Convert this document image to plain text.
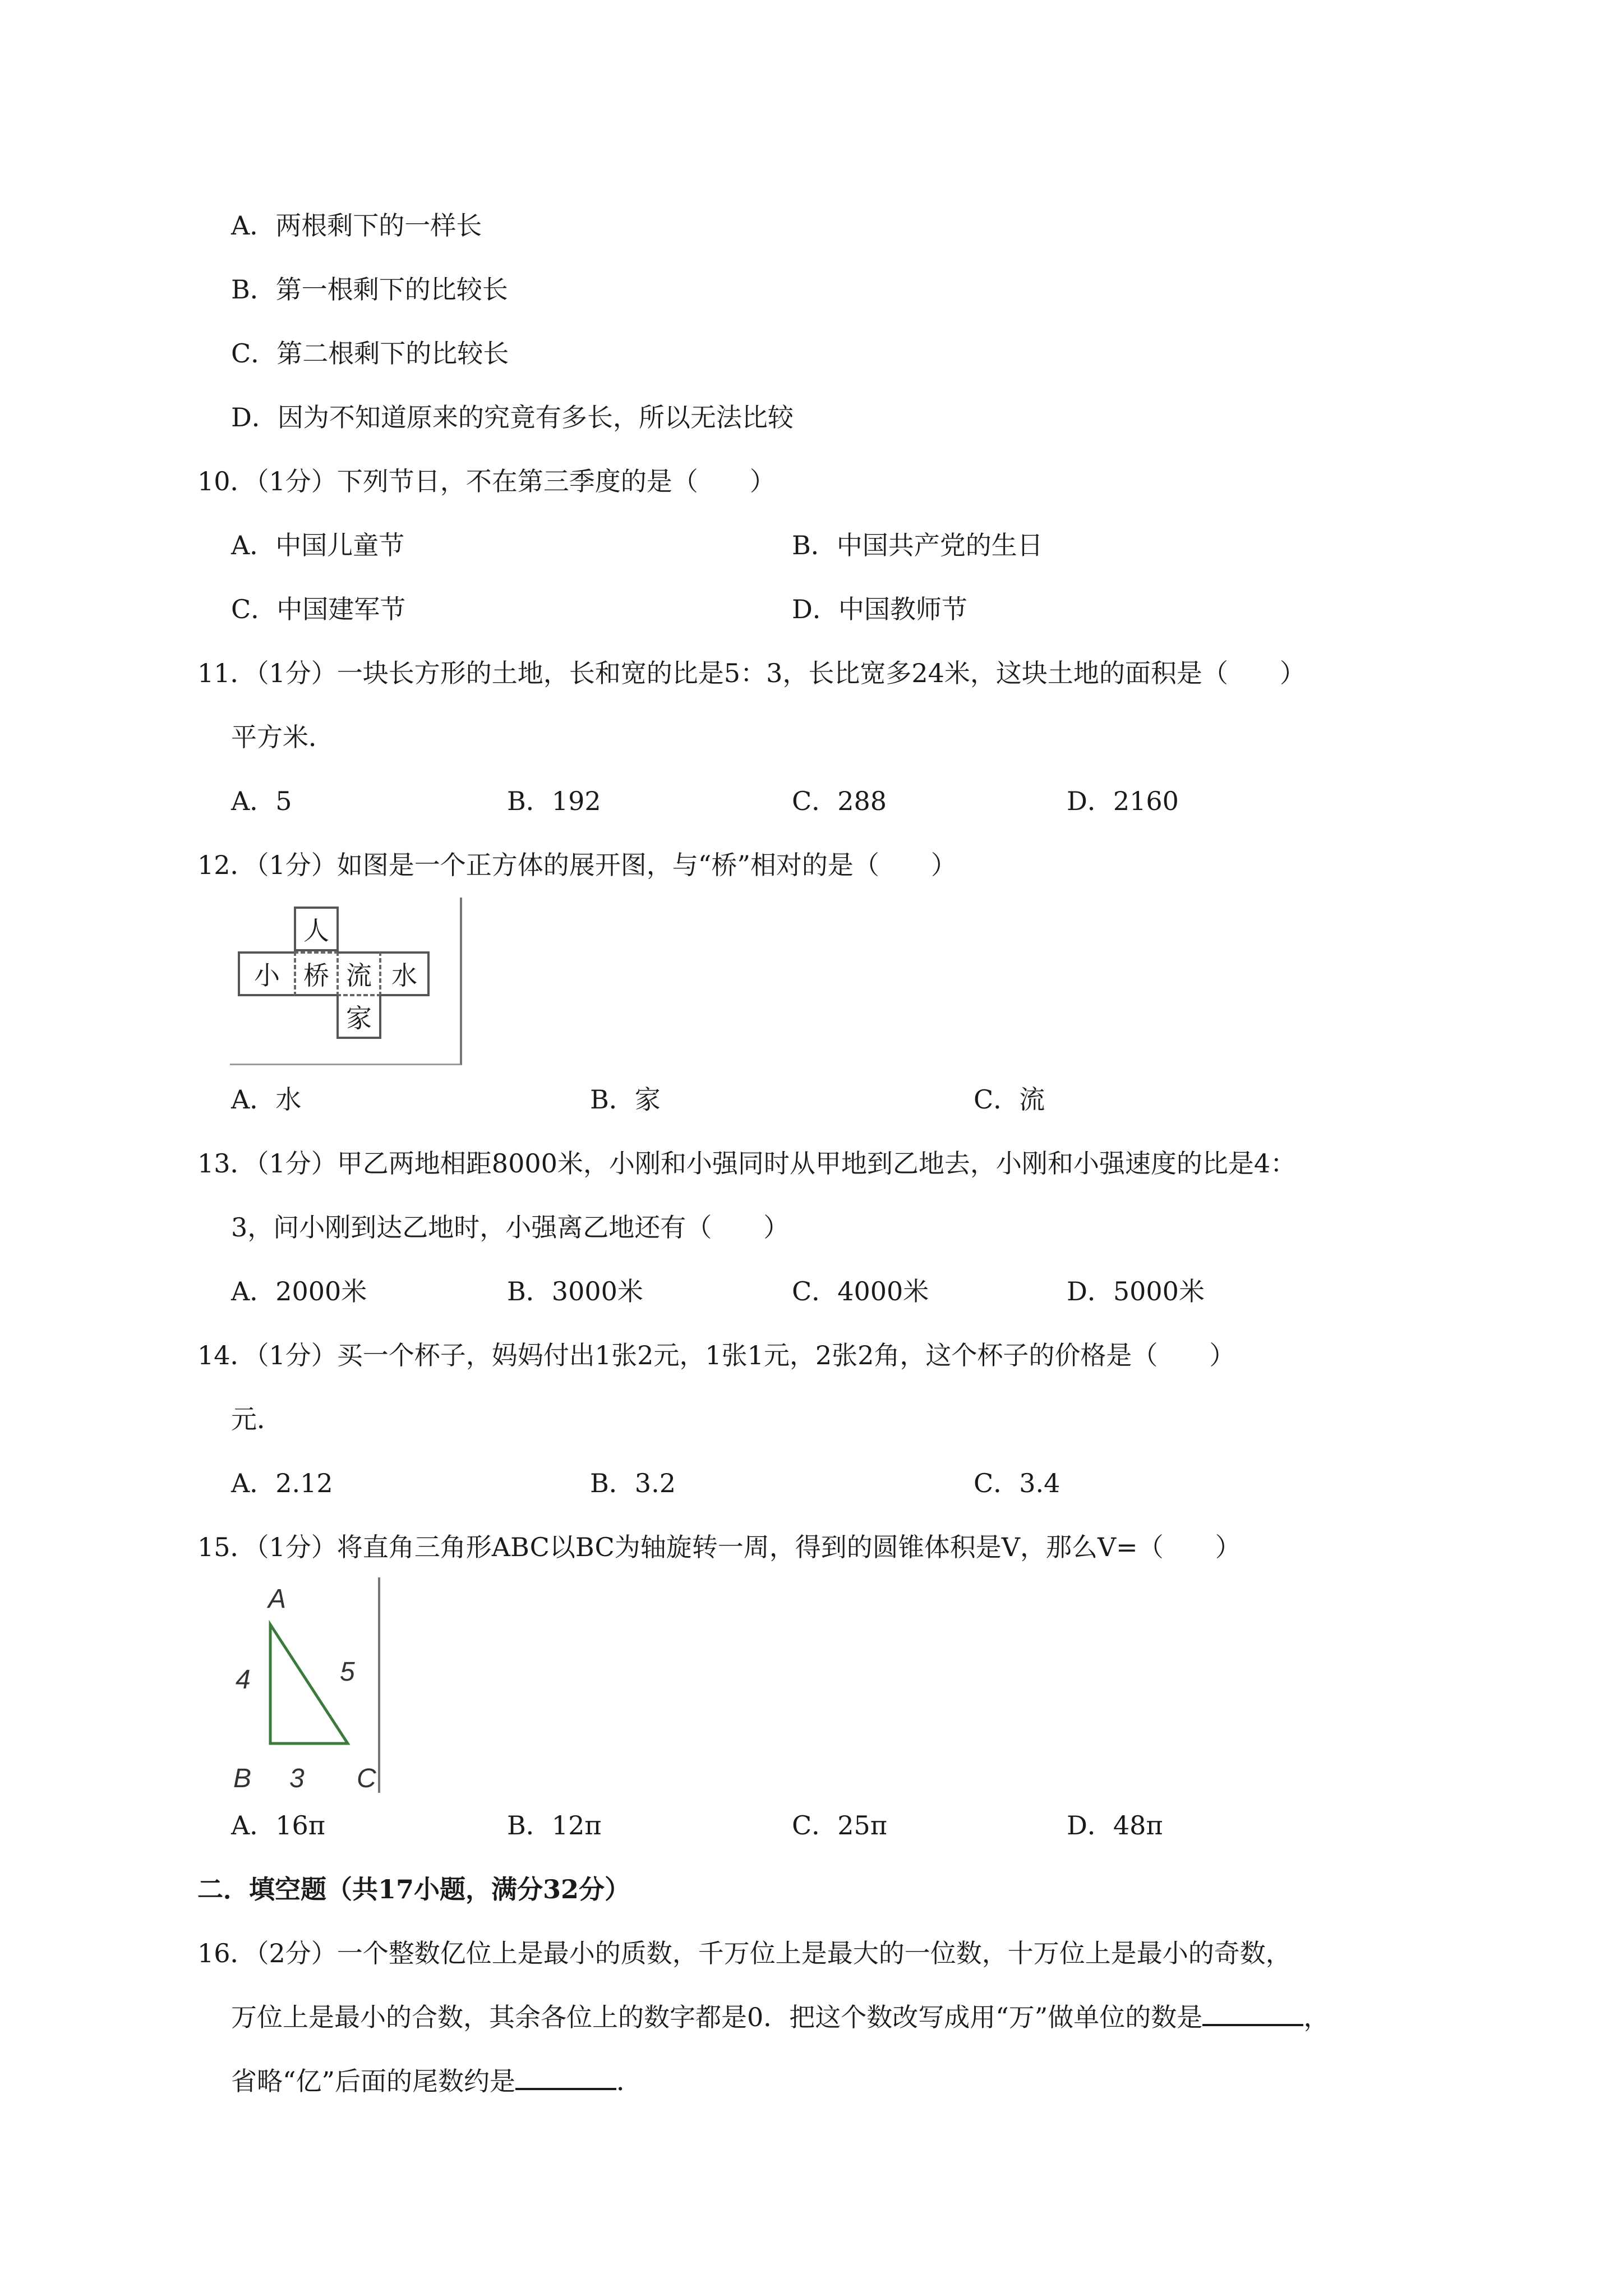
A．两根剩下的一样长
B．第一根剩下的比较长
C．第二根剩下的比较长
D．因为不知道原来的究竟有多长，所以无法比较
10．（1分）下列节日，不在第三季度的是（　　）
A．中国儿童节	B．中国共产党的生日
C．中国建军节	D．中国教师节
11．（1分）一块长方形的土地，长和宽的比是5：3，长比宽多24米，这块土地的面积是（　　）
平方米．
A．5	B．192	C．288	D．2160
12．（1分）如图是一个正方体的展开图，与“桥”相对的是（　　）
人
小 桥 流 水
家
A．水	B．家	C．流
13．（1分）甲乙两地相距8000米，小刚和小强同时从甲地到乙地去，小刚和小强速度的比是4：
3，问小刚到达乙地时，小强离乙地还有（　　）
A．2000米	B．3000米	C．4000米	D．5000米
14．（1分）买一个杯子，妈妈付出1张2元，1张1元，2张2角，这个杯子的价格是（　　）
元．
A．2.12	B．3.2	C．3.4
15．（1分）将直角三角形ABC以BC为轴旋转一周，得到的圆锥体积是V，那么V=（　　）
A
B	C
4	5
3
A．16π	B．12π	C．25π	D．48π
二．填空题（共17小题，满分32分）
16．（2分）一个整数亿位上是最小的质数，千万位上是最大的一位数，十万位上是最小的奇数，
万位上是最小的合数，其余各位上的数字都是0．把这个数改写成用“万”做单位的数是	，
省略“亿”后面的尾数约是	．
